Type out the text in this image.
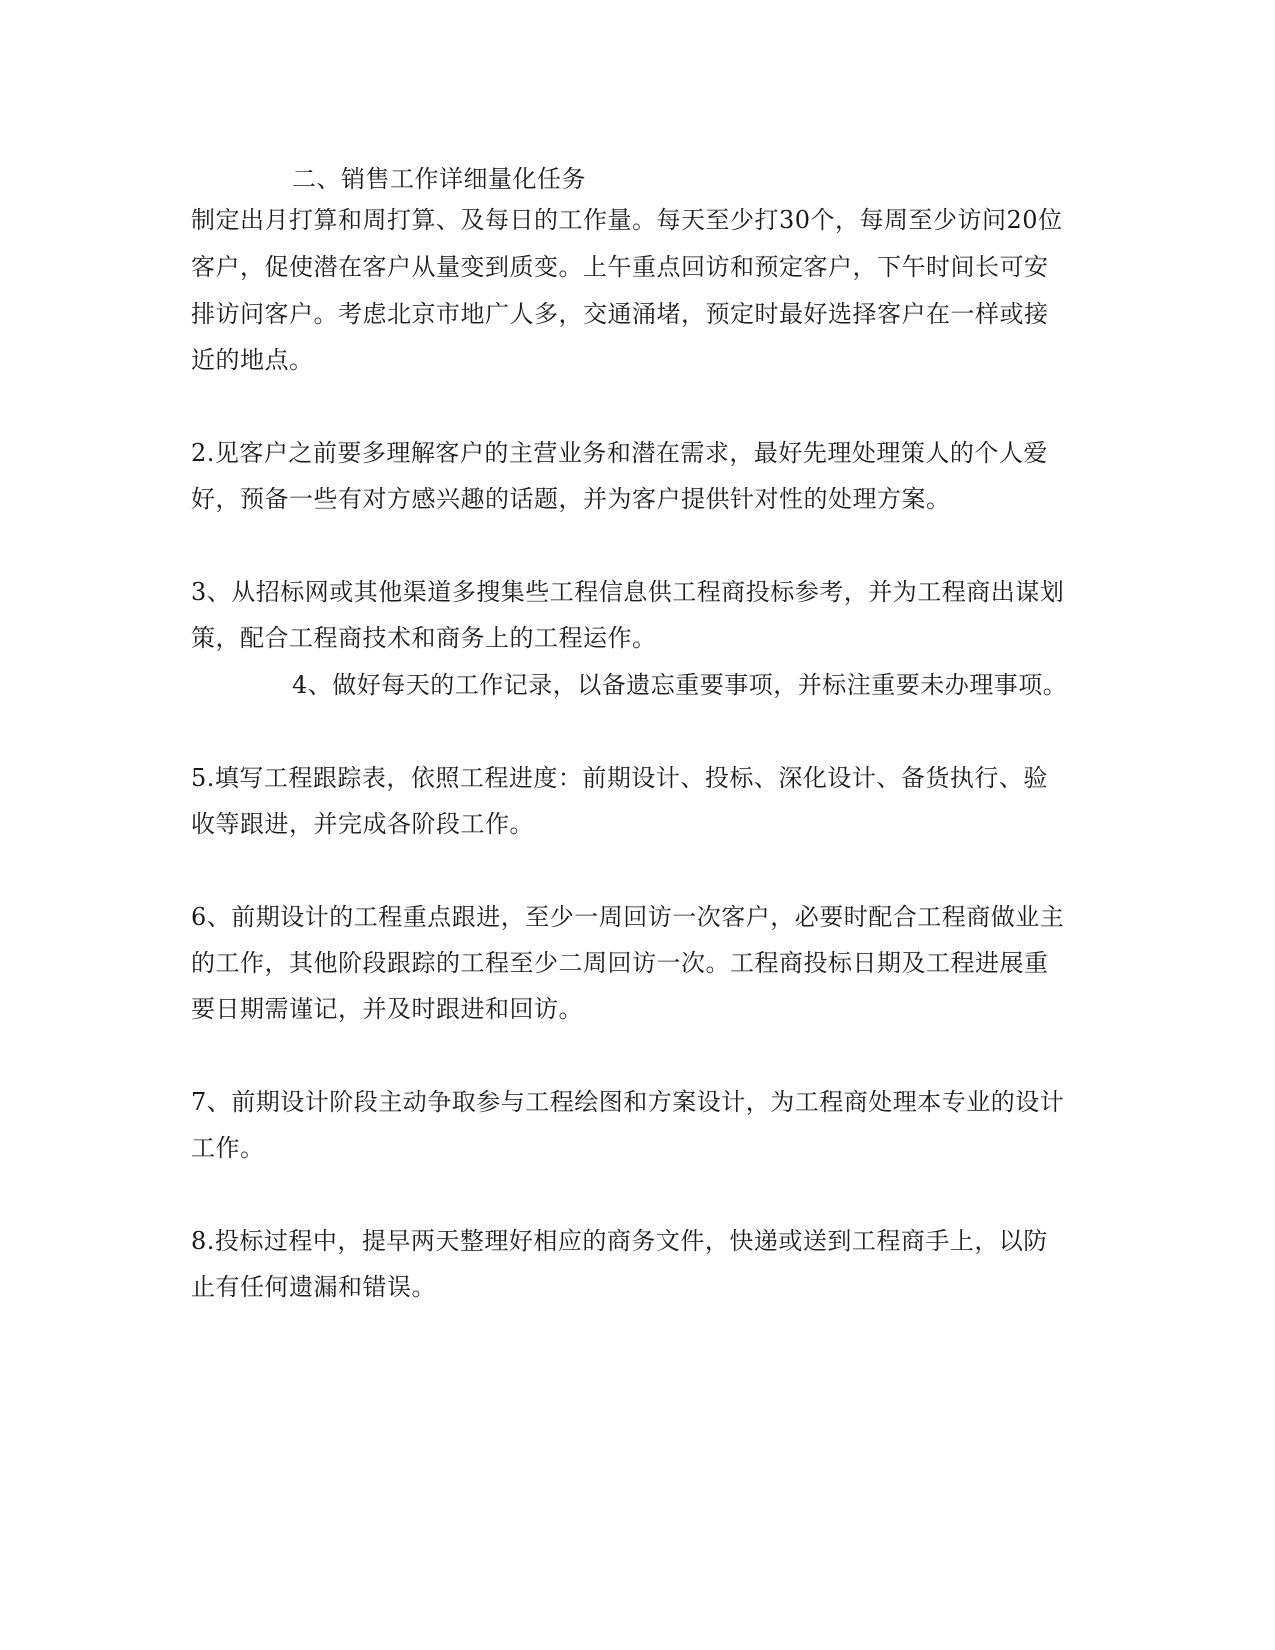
二、销售工作详细量化任务
制定出月打算和周打算、及每日的工作量。每天至少打30个，每周至少访问20位
客户，促使潜在客户从量变到质变。上午重点回访和预定客户，下午时间长可安
排访问客户。考虑北京市地广人多，交通涌堵，预定时最好选择客户在一样或接
近的地点。
2.见客户之前要多理解客户的主营业务和潜在需求，最好先理处理策人的个人爱
好，预备一些有对方感兴趣的话题，并为客户提供针对性的处理方案。
3、从招标网或其他渠道多搜集些工程信息供工程商投标参考，并为工程商出谋划
策，配合工程商技术和商务上的工程运作。
4、做好每天的工作记录，以备遗忘重要事项，并标注重要未办理事项。
5.填写工程跟踪表，依照工程进度：前期设计、投标、深化设计、备货执行、验
收等跟进，并完成各阶段工作。
6、前期设计的工程重点跟进，至少一周回访一次客户，必要时配合工程商做业主
的工作，其他阶段跟踪的工程至少二周回访一次。工程商投标日期及工程进展重
要日期需谨记，并及时跟进和回访。
7、前期设计阶段主动争取参与工程绘图和方案设计，为工程商处理本专业的设计
工作。
8.投标过程中，提早两天整理好相应的商务文件，快递或送到工程商手上，以防
止有任何遗漏和错误。
